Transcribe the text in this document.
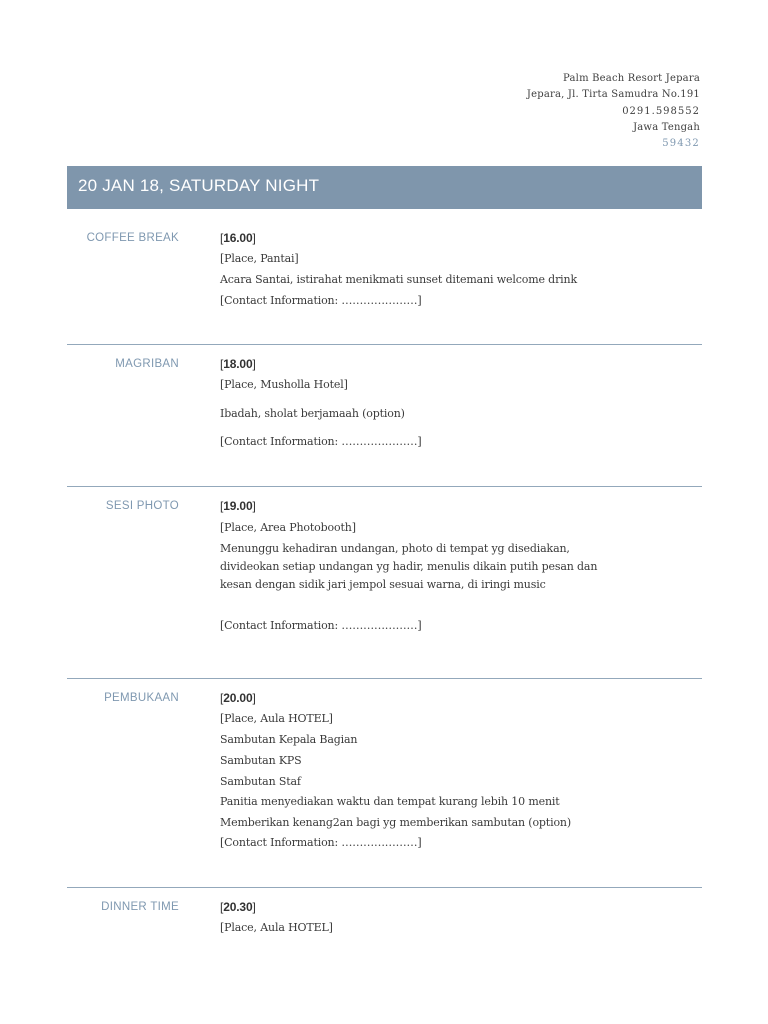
Palm Beach Resort Jepara
Jepara, Jl. Tirta Samudra No.191
0291.598552
Jawa Tengah
59432
20 JAN 18, SATURDAY NIGHT
COFFEE BREAK	[16.00]
[Place, Pantai]
Acara Santai, istirahat menikmati sunset ditemani welcome drink
[Contact Information: …………………]
MAGRIBAN	[18.00]
[Place, Musholla Hotel]
Ibadah, sholat berjamaah (option)
[Contact Information: …………………]
SESI PHOTO	[19.00]
[Place, Area Photobooth]
Menunggu kehadiran undangan, photo di tempat yg disediakan,
divideokan setiap undangan yg hadir, menulis dikain putih pesan dan
kesan dengan sidik jari jempol sesuai warna, di iringi music
[Contact Information: …………………]
PEMBUKAAN	[20.00]
[Place, Aula HOTEL]
Sambutan Kepala Bagian
Sambutan KPS
Sambutan Staf
Panitia menyediakan waktu dan tempat kurang lebih 10 menit
Memberikan kenang2an bagi yg memberikan sambutan (option)
[Contact Information: …………………]
DINNER TIME	[20.30]
[Place, Aula HOTEL]
